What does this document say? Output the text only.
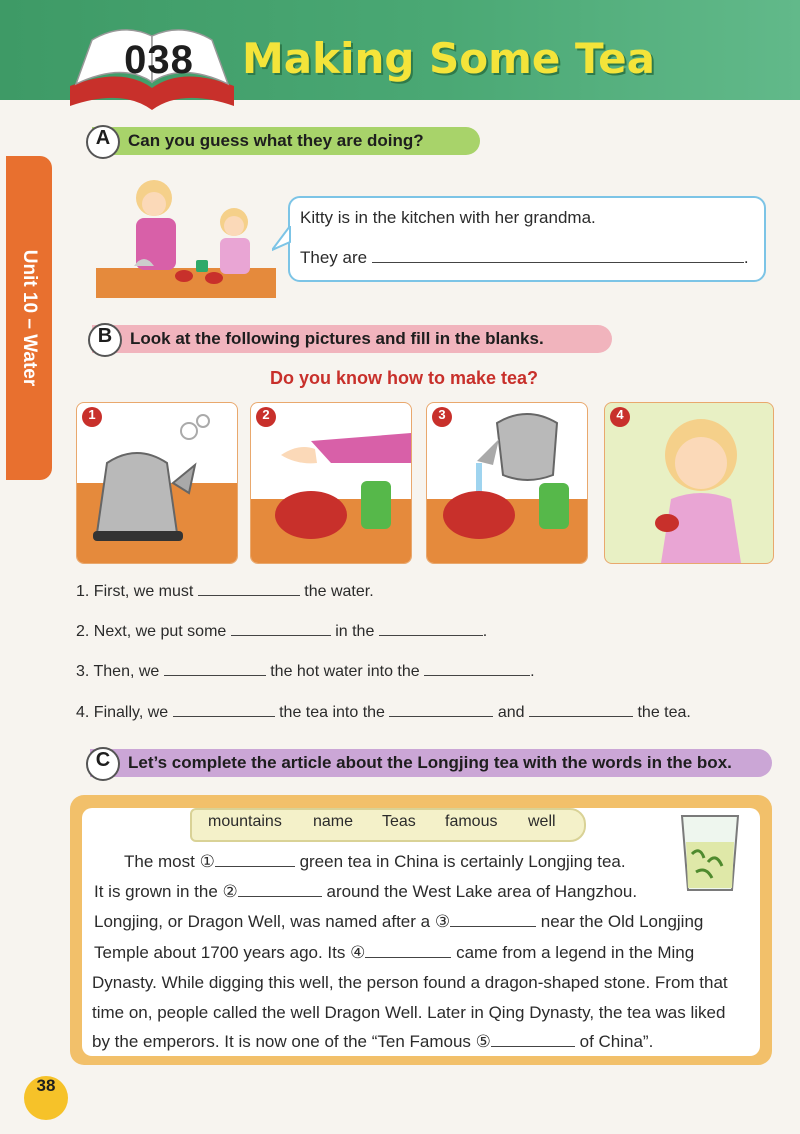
038	Making Some Tea
Unit 10 – Water
A	Can you guess what they are doing?
Kitty is in the kitchen with her grandma.
They are	.
B	Look at the following pictures and fill in the blanks.
Do you know how to make tea?
1	2	3	4
1. First, we must	the water.
2. Next, we put some	in the	.
3. Then, we	the hot water into the	.
4. Finally, we	the tea into the	and	the tea.
C	Let’s complete the article about the Longjing tea with the words in the box.
mountains name Teas famous well
The most ①	green tea in China is certainly Longjing tea.
It is grown in the ②	around the West Lake area of Hangzhou.
Longjing, or Dragon Well, was named after a ③	near the Old Longjing
Temple about 1700 years ago. Its ④	came from a legend in the Ming
Dynasty. While digging this well, the person found a dragon-shaped stone. From that
time on, people called the well Dragon Well. Later in Qing Dynasty, the tea was liked
by the emperors. It is now one of the “Ten Famous ⑤	of China”.
38
